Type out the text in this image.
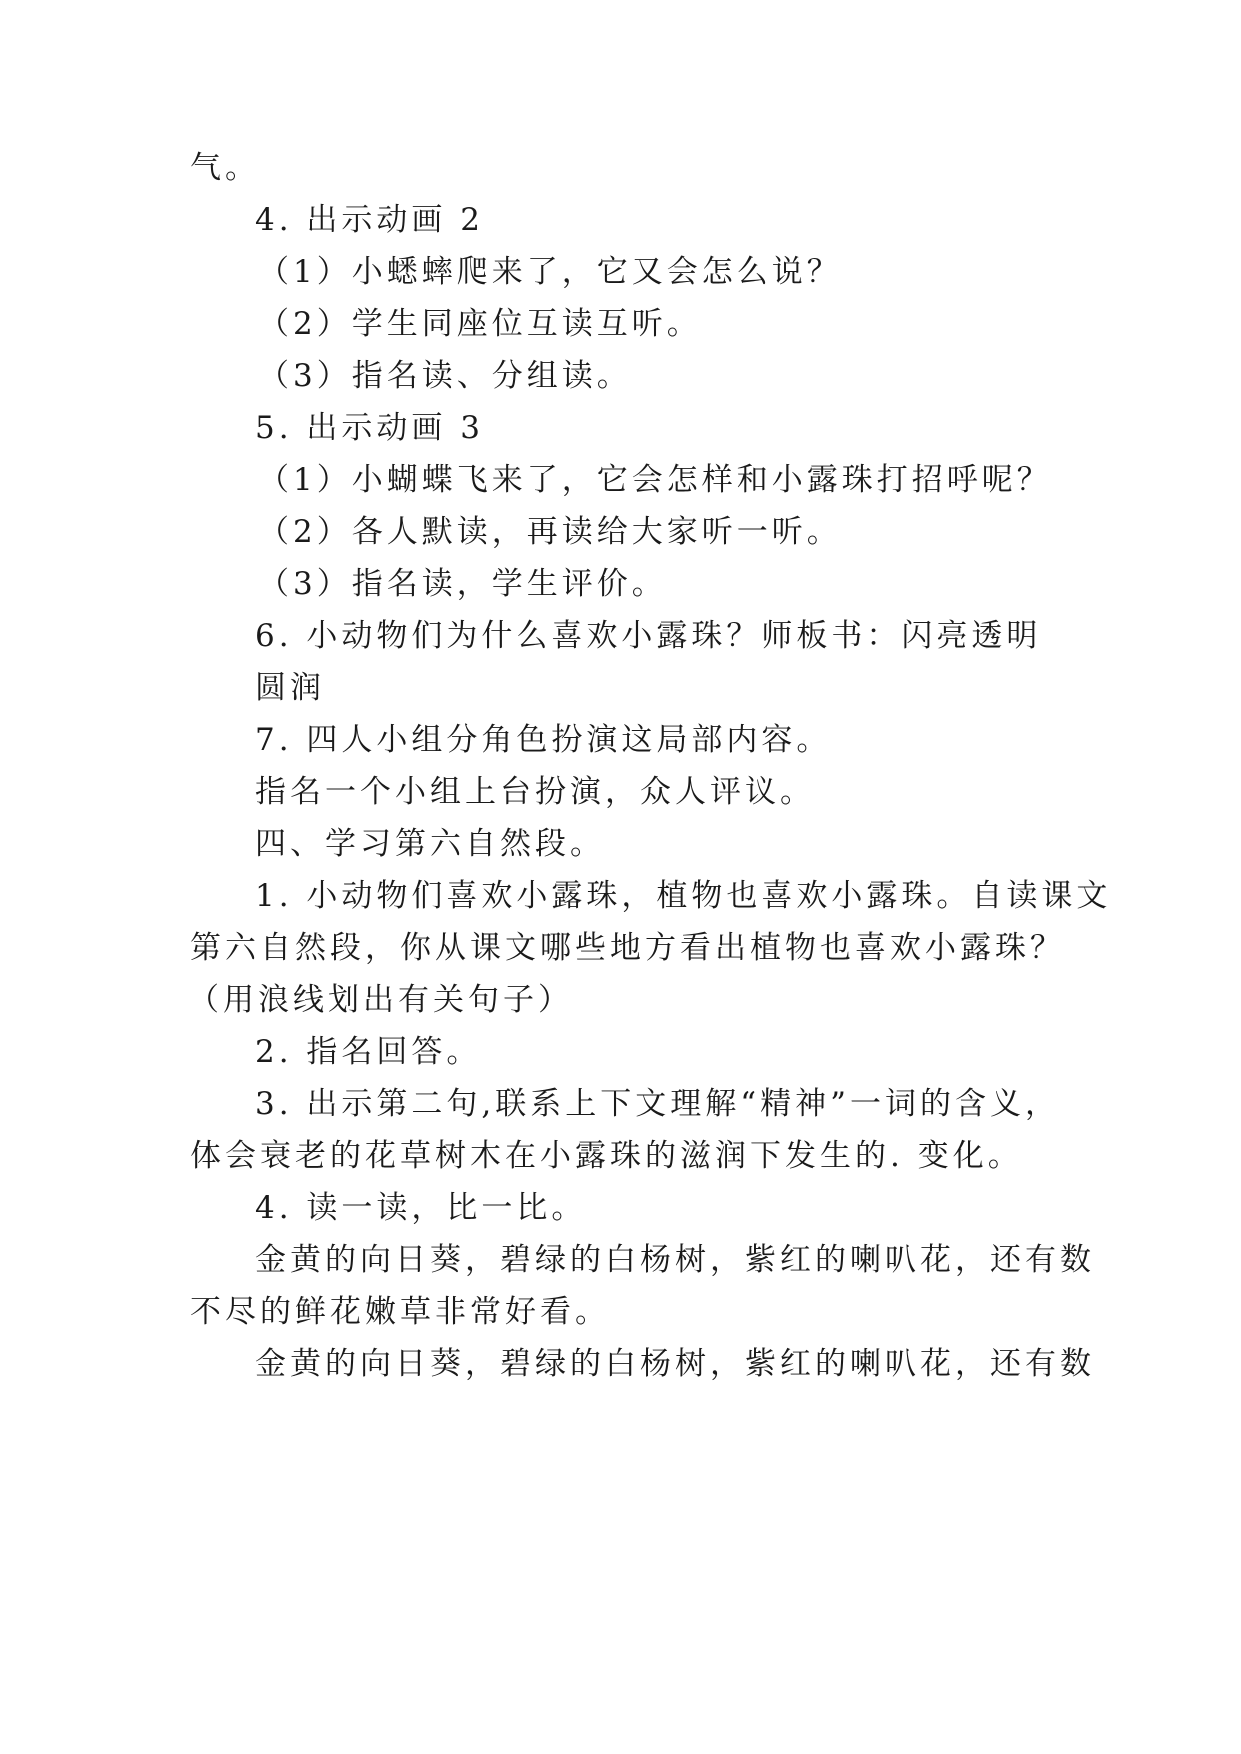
气。
4. 出示动画 2
（1）小蟋蟀爬来了，它又会怎么说？
（2）学生同座位互读互听。
（3）指名读、分组读。
5. 出示动画 3
（1）小蝴蝶飞来了，它会怎样和小露珠打招呼呢？
（2）各人默读，再读给大家听一听。
（3）指名读，学生评价。
6. 小动物们为什么喜欢小露珠？师板书：闪亮透明
圆润
7. 四人小组分角色扮演这局部内容。
指名一个小组上台扮演，众人评议。
四、学习第六自然段。
1. 小动物们喜欢小露珠，植物也喜欢小露珠。自读课文
第六自然段，你从课文哪些地方看出植物也喜欢小露珠？
（用浪线划出有关句子）
2. 指名回答。
3. 出示第二句,联系上下文理解“精神”一词的含义，
体会衰老的花草树木在小露珠的滋润下发生的. 变化。
4. 读一读，比一比。
金黄的向日葵，碧绿的白杨树，紫红的喇叭花，还有数
不尽的鲜花嫩草非常好看。
金黄的向日葵，碧绿的白杨树，紫红的喇叭花，还有数
